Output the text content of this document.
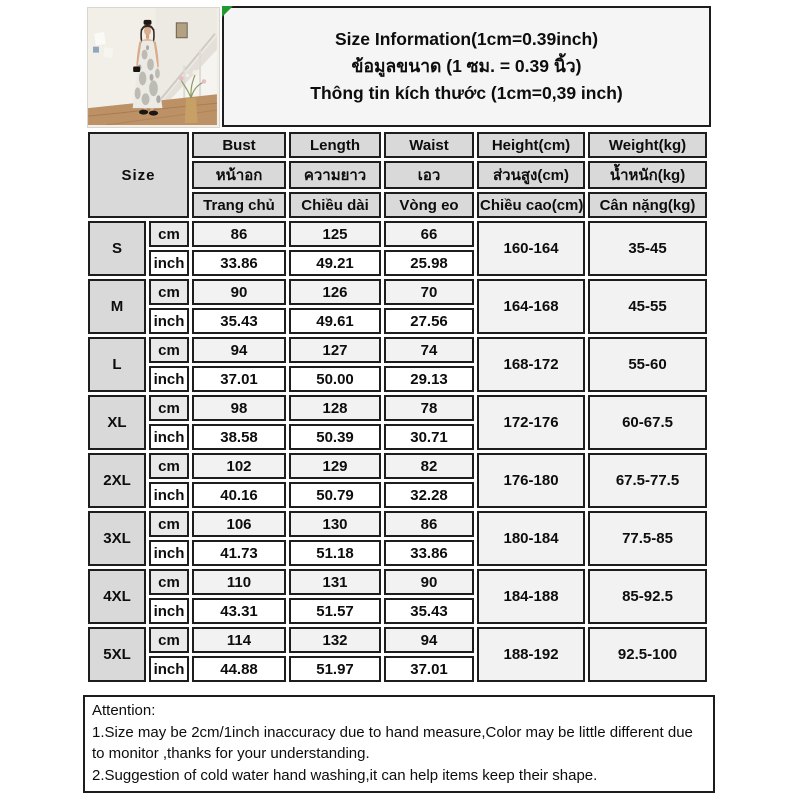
Size Information(1cm=0.39inch)
ข้อมูลขนาด (1 ซม. = 0.39 นิ้ว)
Thông tin kích thước (1cm=0,39 inch)
Size		Bust	Length	Waist	Height(cm)	Weight(kg)
		หน้าอก	ความยาว	เอว	ส่วนสูง(cm)	น้ำหนัก(kg)
		Trang chủ	Chiều dài	Vòng eo	Chiều cao(cm)	Cân nặng(kg)
S	cm	86	125	66	160-164	35-45
	inch	33.86	49.21	25.98		
M	cm	90	126	70	164-168	45-55
	inch	35.43	49.61	27.56		
L	cm	94	127	74	168-172	55-60
	inch	37.01	50.00	29.13		
XL	cm	98	128	78	172-176	60-67.5
	inch	38.58	50.39	30.71		
2XL	cm	102	129	82	176-180	67.5-77.5
	inch	40.16	50.79	32.28		
3XL	cm	106	130	86	180-184	77.5-85
	inch	41.73	51.18	33.86		
4XL	cm	110	131	90	184-188	85-92.5
	inch	43.31	51.57	35.43		
5XL	cm	114	132	94	188-192	92.5-100
	inch	44.88	51.97	37.01		
Attention:
1.Size may be 2cm/1inch inaccuracy due to hand measure,Color may be little different due to monitor ,thanks for your understanding.
2.Suggestion of cold water hand washing,it can help items keep their shape.
